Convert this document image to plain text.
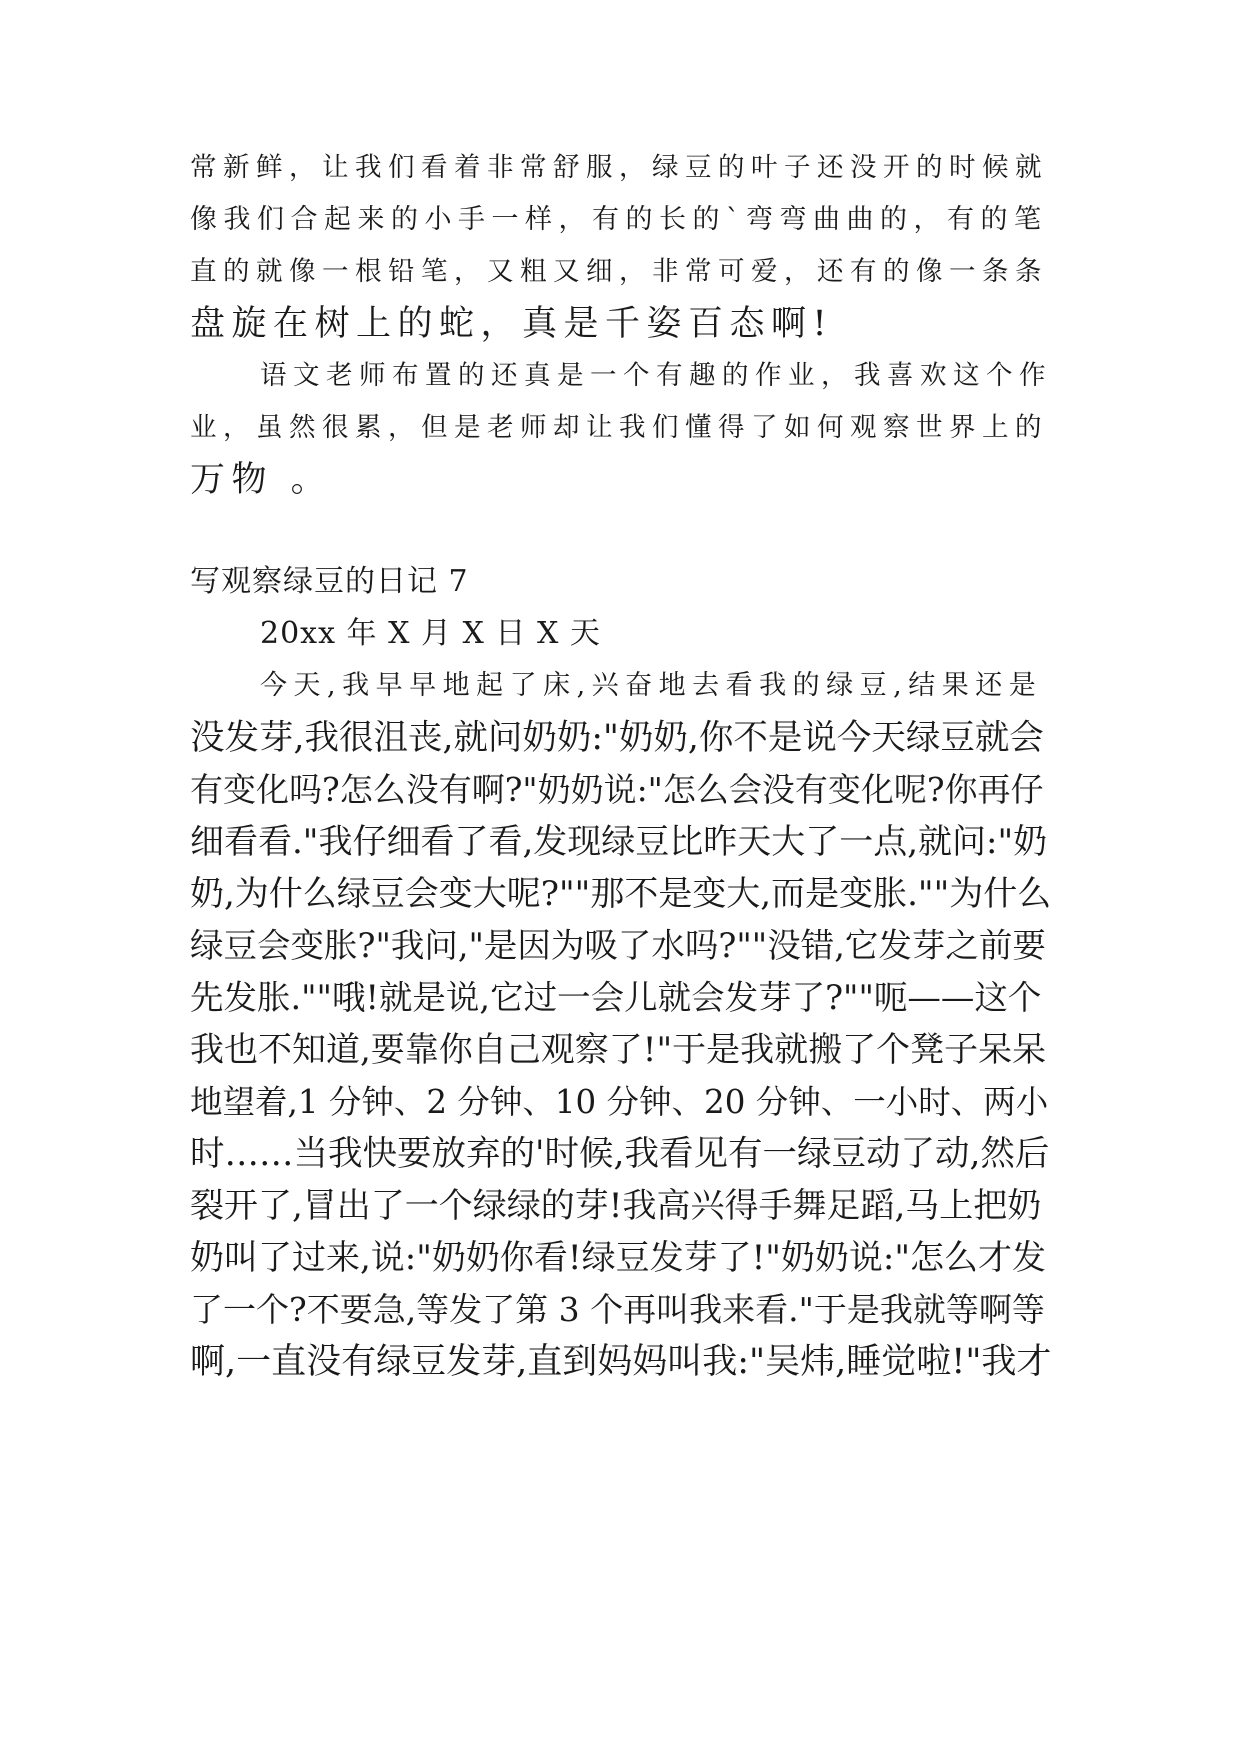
常新鲜，让我们看着非常舒服，绿豆的叶子还没开的时候就
像我们合起来的小手一样，有的长的`弯弯曲曲的，有的笔
直的就像一根铅笔，又粗又细，非常可爱，还有的像一条条
盘旋在树上的蛇，真是千姿百态啊!
语文老师布置的还真是一个有趣的作业，我喜欢这个作
业，虽然很累，但是老师却让我们懂得了如何观察世界上的
万物 。
写观察绿豆的日记 7
20xx 年 X 月 X 日 X 天
今天,我早早地起了床,兴奋地去看我的绿豆,结果还是
没发芽,我很沮丧,就问奶奶:"奶奶,你不是说今天绿豆就会
有变化吗?怎么没有啊?"奶奶说:"怎么会没有变化呢?你再仔
细看看."我仔细看了看,发现绿豆比昨天大了一点,就问:"奶
奶,为什么绿豆会变大呢?""那不是变大,而是变胀.""为什么
绿豆会变胀?"我问,"是因为吸了水吗?""没错,它发芽之前要
先发胀.""哦!就是说,它过一会儿就会发芽了?""呃——这个
我也不知道,要靠你自己观察了!"于是我就搬了个凳子呆呆
地望着,1 分钟、2 分钟、10 分钟、20 分钟、一小时、两小
时……当我快要放弃的'时候,我看见有一绿豆动了动,然后
裂开了,冒出了一个绿绿的芽!我高兴得手舞足蹈,马上把奶
奶叫了过来,说:"奶奶你看!绿豆发芽了!"奶奶说:"怎么才发
了一个?不要急,等发了第 3 个再叫我来看."于是我就等啊等
啊,一直没有绿豆发芽,直到妈妈叫我:"吴炜,睡觉啦!"我才
